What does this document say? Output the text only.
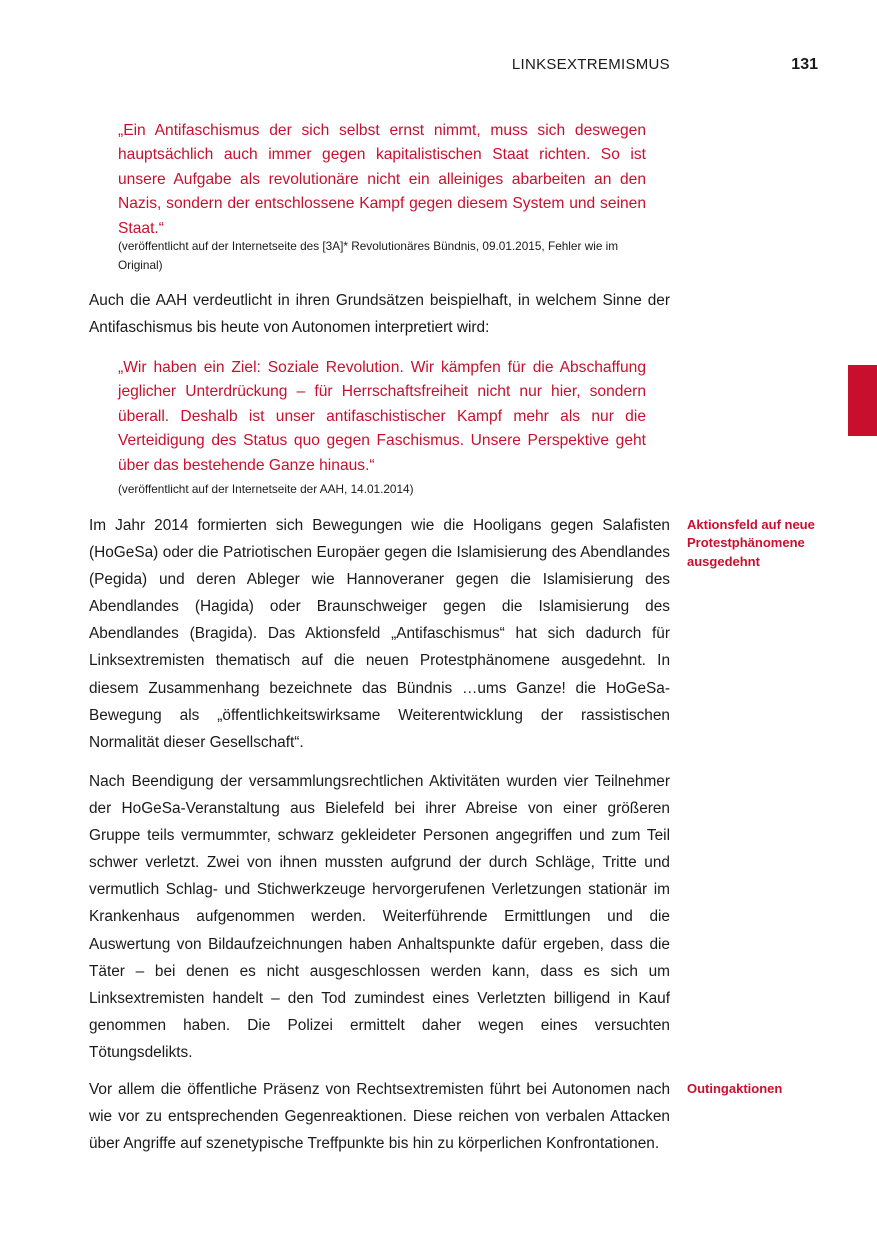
LINKSEXTREMISMUS	131
„Ein Antifaschismus der sich selbst ernst nimmt, muss sich deswegen hauptsächlich auch immer gegen kapitalistischen Staat richten. So ist unsere Aufgabe als revolutionäre nicht ein alleiniges abarbeiten an den Nazis, sondern der entschlossene Kampf gegen diesem System und seinen Staat.“
(veröffentlicht auf der Internetseite des [3A]* Revolutionäres Bündnis, 09.01.2015, Fehler wie im Original)
Auch die AAH verdeutlicht in ihren Grundsätzen beispielhaft, in welchem Sinne der Antifaschismus bis heute von Autonomen interpretiert wird:
„Wir haben ein Ziel: Soziale Revolution. Wir kämpfen für die Abschaffung jeglicher Unterdrückung – für Herrschaftsfreiheit nicht nur hier, sondern überall. Deshalb ist unser antifaschistischer Kampf mehr als nur die Verteidigung des Status quo gegen Faschismus. Unsere Perspektive geht über das bestehende Ganze hinaus.“
(veröffentlicht auf der Internetseite der AAH, 14.01.2014)
Im Jahr 2014 formierten sich Bewegungen wie die Hooligans gegen Salafisten (HoGeSa) oder die Patriotischen Europäer gegen die Islamisierung des Abendlandes (Pegida) und deren Ableger wie Hannoveraner gegen die Islamisierung des Abendlandes (Hagida) oder Braunschweiger gegen die Islamisierung des Abendlandes (Bragida). Das Aktionsfeld „Antifaschismus“ hat sich dadurch für Linksextremisten thematisch auf die neuen Protestphänomene ausgedehnt. In diesem Zusammenhang bezeichnete das Bündnis …ums Ganze! die HoGeSa-Bewegung als „öffentlichkeitswirksame Weiterentwicklung der rassistischen Normalität dieser Gesellschaft“.
Aktionsfeld auf neue Protestphänomene ausgedehnt
Nach Beendigung der versammlungsrechtlichen Aktivitäten wurden vier Teilnehmer der HoGeSa-Veranstaltung aus Bielefeld bei ihrer Abreise von einer größeren Gruppe teils vermummter, schwarz gekleideter Personen angegriffen und zum Teil schwer verletzt. Zwei von ihnen mussten aufgrund der durch Schläge, Tritte und vermutlich Schlag- und Stichwerkzeuge hervorgerufenen Verletzungen stationär im Krankenhaus aufgenommen werden. Weiterführende Ermittlungen und die Auswertung von Bildaufzeichnungen haben Anhaltspunkte dafür ergeben, dass die Täter – bei denen es nicht ausgeschlossen werden kann, dass es sich um Linksextremisten handelt – den Tod zumindest eines Verletzten billigend in Kauf genommen haben. Die Polizei ermittelt daher wegen eines versuchten Tötungsdelikts.
Vor allem die öffentliche Präsenz von Rechtsextremisten führt bei Autonomen nach wie vor zu entsprechenden Gegenreaktionen. Diese reichen von verbalen Attacken über Angriffe auf szenetypische Treffpunkte bis hin zu körperlichen Konfrontationen.
Outingaktionen
